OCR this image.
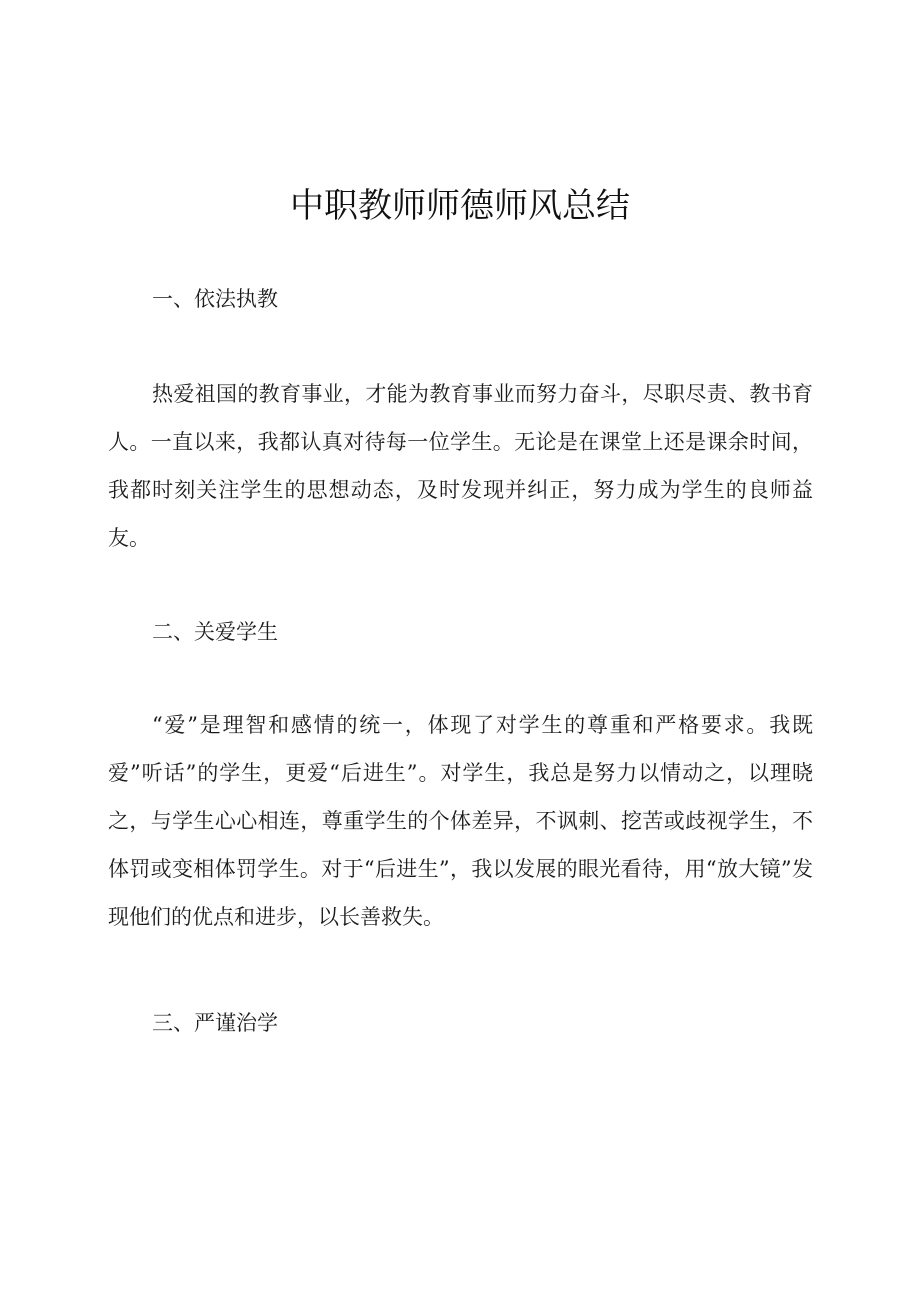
中职教师师德师风总结
一、依法执教

热爱祖国的教育事业，才能为教育事业而努力奋斗，尽职尽责、教书育人。一直以来，我都认真对待每一位学生。无论是在课堂上还是课余时间，我都时刻关注学生的思想动态，及时发现并纠正，努力成为学生的良师益友。

二、关爱学生

“爱”是理智和感情的统一，体现了对学生的尊重和严格要求。我既爱”听话”的学生，更爱“后进生”。对学生，我总是努力以情动之，以理晓之，与学生心心相连，尊重学生的个体差异，不讽刺、挖苦或歧视学生，不体罚或变相体罚学生。对于“后进生”，我以发展的眼光看待，用“放大镜”发现他们的优点和进步，以长善救失。

三、严谨治学
